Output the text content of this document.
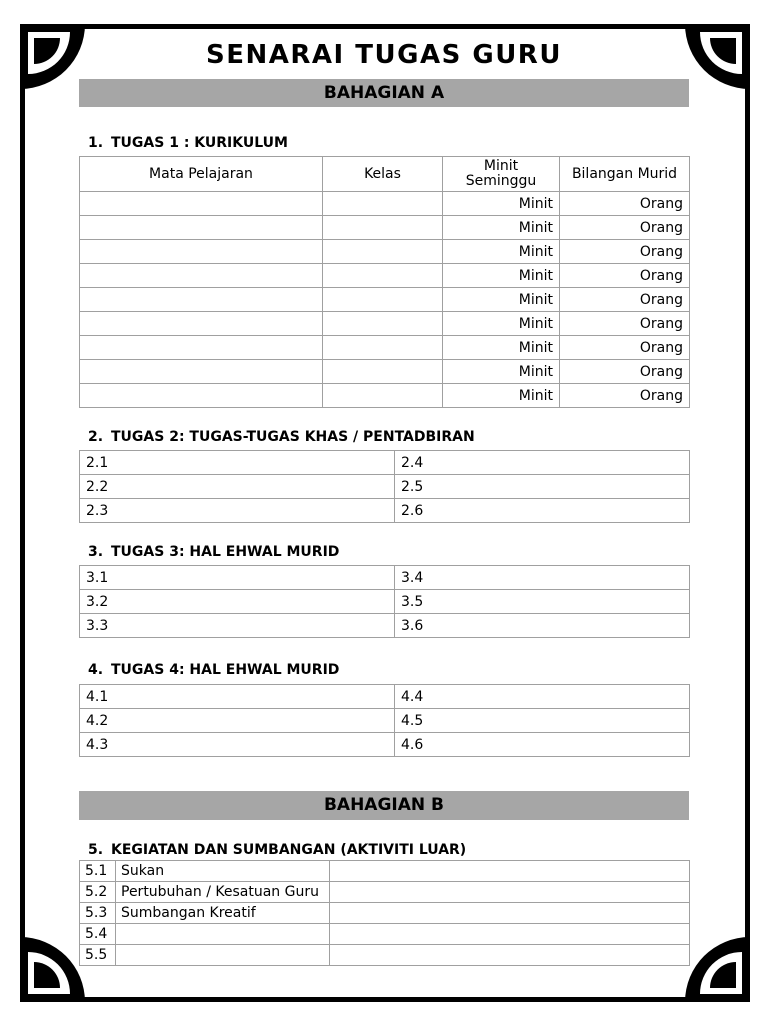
SENARAI TUGAS GURU
BAHAGIAN A
1. TUGAS 1 : KURIKULUM
Mata Pelajaran	Kelas	Minit Seminggu	Bilangan Murid
		Minit	Orang
		Minit	Orang
		Minit	Orang
		Minit	Orang
		Minit	Orang
		Minit	Orang
		Minit	Orang
		Minit	Orang
		Minit	Orang
2. TUGAS 2: TUGAS-TUGAS KHAS / PENTADBIRAN
2.1	2.4
2.2	2.5
2.3	2.6
3. TUGAS 3: HAL EHWAL MURID
3.1	3.4
3.2	3.5
3.3	3.6
4. TUGAS 4: HAL EHWAL MURID
4.1	4.4
4.2	4.5
4.3	4.6
BAHAGIAN B
5. KEGIATAN DAN SUMBANGAN (AKTIVITI LUAR)
5.1	Sukan	
5.2	Pertubuhan / Kesatuan Guru	
5.3	Sumbangan Kreatif	
5.4		
5.5		
